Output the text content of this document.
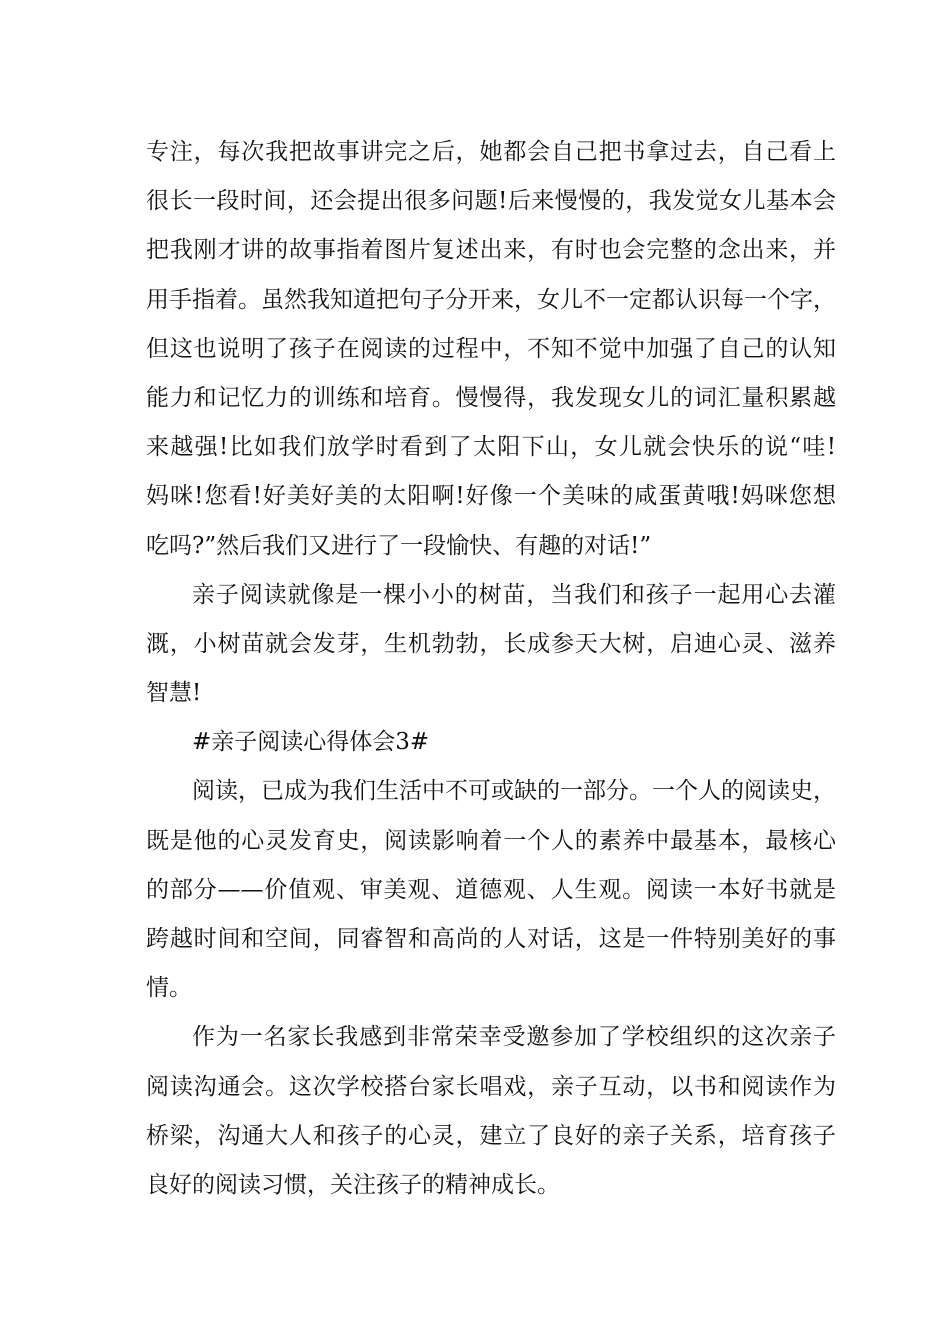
专注，每次我把故事讲完之后，她都会自己把书拿过去，自己看上
很长一段时间，还会提出很多问题!后来慢慢的，我发觉女儿基本会
把我刚才讲的故事指着图片复述出来，有时也会完整的念出来，并
用手指着。虽然我知道把句子分开来，女儿不一定都认识每一个字，
但这也说明了孩子在阅读的过程中，不知不觉中加强了自己的认知
能力和记忆力的训练和培育。慢慢得，我发现女儿的词汇量积累越
来越强!比如我们放学时看到了太阳下山，女儿就会快乐的说“哇!
妈咪!您看!好美好美的太阳啊!好像一个美味的咸蛋黄哦!妈咪您想
吃吗?”然后我们又进行了一段愉快、有趣的对话!”
亲子阅读就像是一棵小小的树苗，当我们和孩子一起用心去灌
溉，小树苗就会发芽，生机勃勃，长成参天大树，启迪心灵、滋养
智慧!
#亲子阅读心得体会3#
阅读，已成为我们生活中不可或缺的一部分。一个人的阅读史，
既是他的心灵发育史，阅读影响着一个人的素养中最基本，最核心
的部分——价值观、审美观、道德观、人生观。阅读一本好书就是
跨越时间和空间，同睿智和高尚的人对话，这是一件特别美好的事
情。
作为一名家长我感到非常荣幸受邀参加了学校组织的这次亲子
阅读沟通会。这次学校搭台家长唱戏，亲子互动，以书和阅读作为
桥梁，沟通大人和孩子的心灵，建立了良好的亲子关系，培育孩子
良好的阅读习惯，关注孩子的精神成长。
